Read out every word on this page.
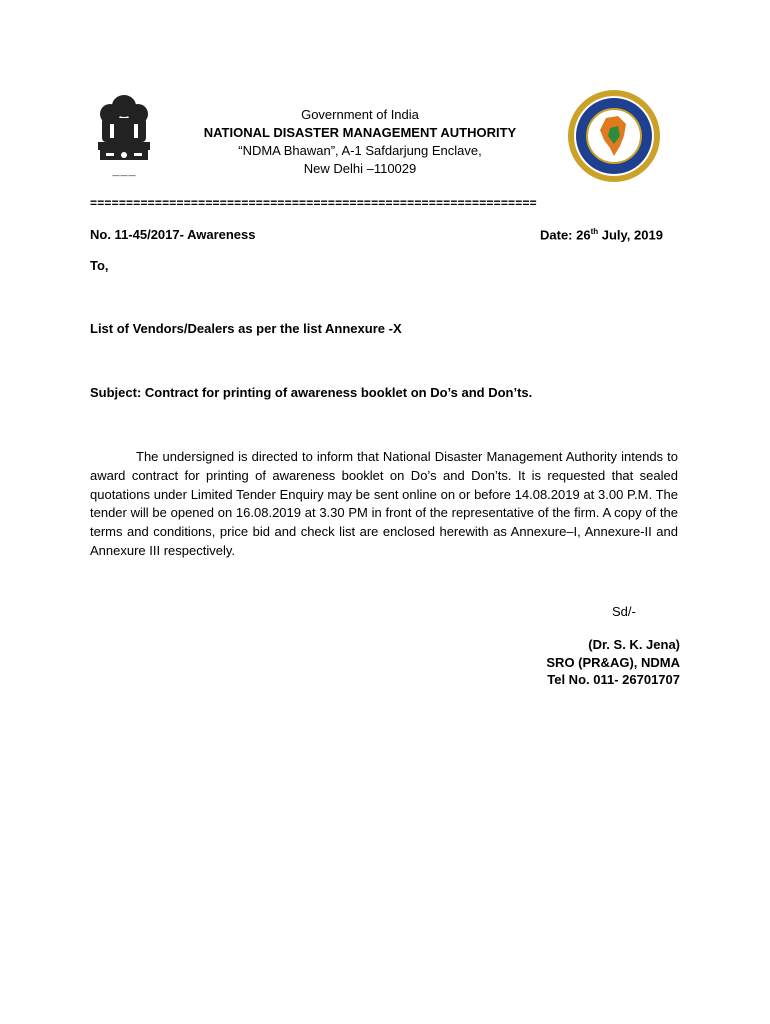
———
Government of India
NATIONAL DISASTER MANAGEMENT AUTHORITY
“NDMA Bhawan”, A-1 Safdarjung Enclave,
New Delhi –110029
==============================================================
No. 11-45/2017- Awareness	Date: 26th July, 2019
To,
List of Vendors/Dealers as per the list Annexure -X
Subject: Contract for printing of awareness booklet on Do’s and Don’ts.
The undersigned is directed to inform that National Disaster Management Authority intends to award contract for printing of awareness booklet on Do’s and Don’ts. It is requested that sealed quotations under Limited Tender Enquiry may be sent online on or before 14.08.2019 at 3.00 P.M. The tender will be opened on 16.08.2019 at 3.30 PM in front of the representative of the firm. A copy of the terms and conditions, price bid and check list are enclosed herewith as Annexure–I, Annexure-II and Annexure III respectively.
Sd/-
(Dr. S. K. Jena)
SRO (PR&AG), NDMA
Tel No. 011- 26701707
